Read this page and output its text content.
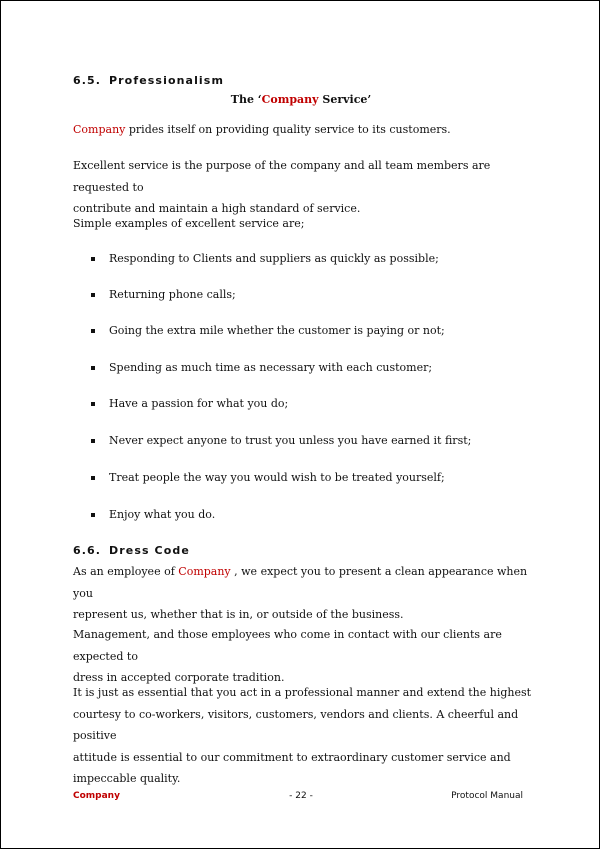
6.5. Professionalism
The ‘Company Service’
Company prides itself on providing quality service to its customers.
Excellent service is the purpose of the company and all team members are requested to
contribute and maintain a high standard of service.
Simple examples of excellent service are;
Responding to Clients and suppliers as quickly as possible;
Returning phone calls;
Going the extra mile whether the customer is paying or not;
Spending as much time as necessary with each customer;
Have a passion for what you do;
Never expect anyone to trust you unless you have earned it first;
Treat people the way you would wish to be treated yourself;
Enjoy what you do.
6.6. Dress Code
As an employee of Company , we expect you to present a clean appearance when you
represent us, whether that is in, or outside of the business.
Management, and those employees who come in contact with our clients are expected to
dress in accepted corporate tradition.
It is just as essential that you act in a professional manner and extend the highest
courtesy to co-workers, visitors, customers, vendors and clients. A cheerful and positive
attitude is essential to our commitment to extraordinary customer service and
impeccable quality.
Company	- 22 -	Protocol Manual
